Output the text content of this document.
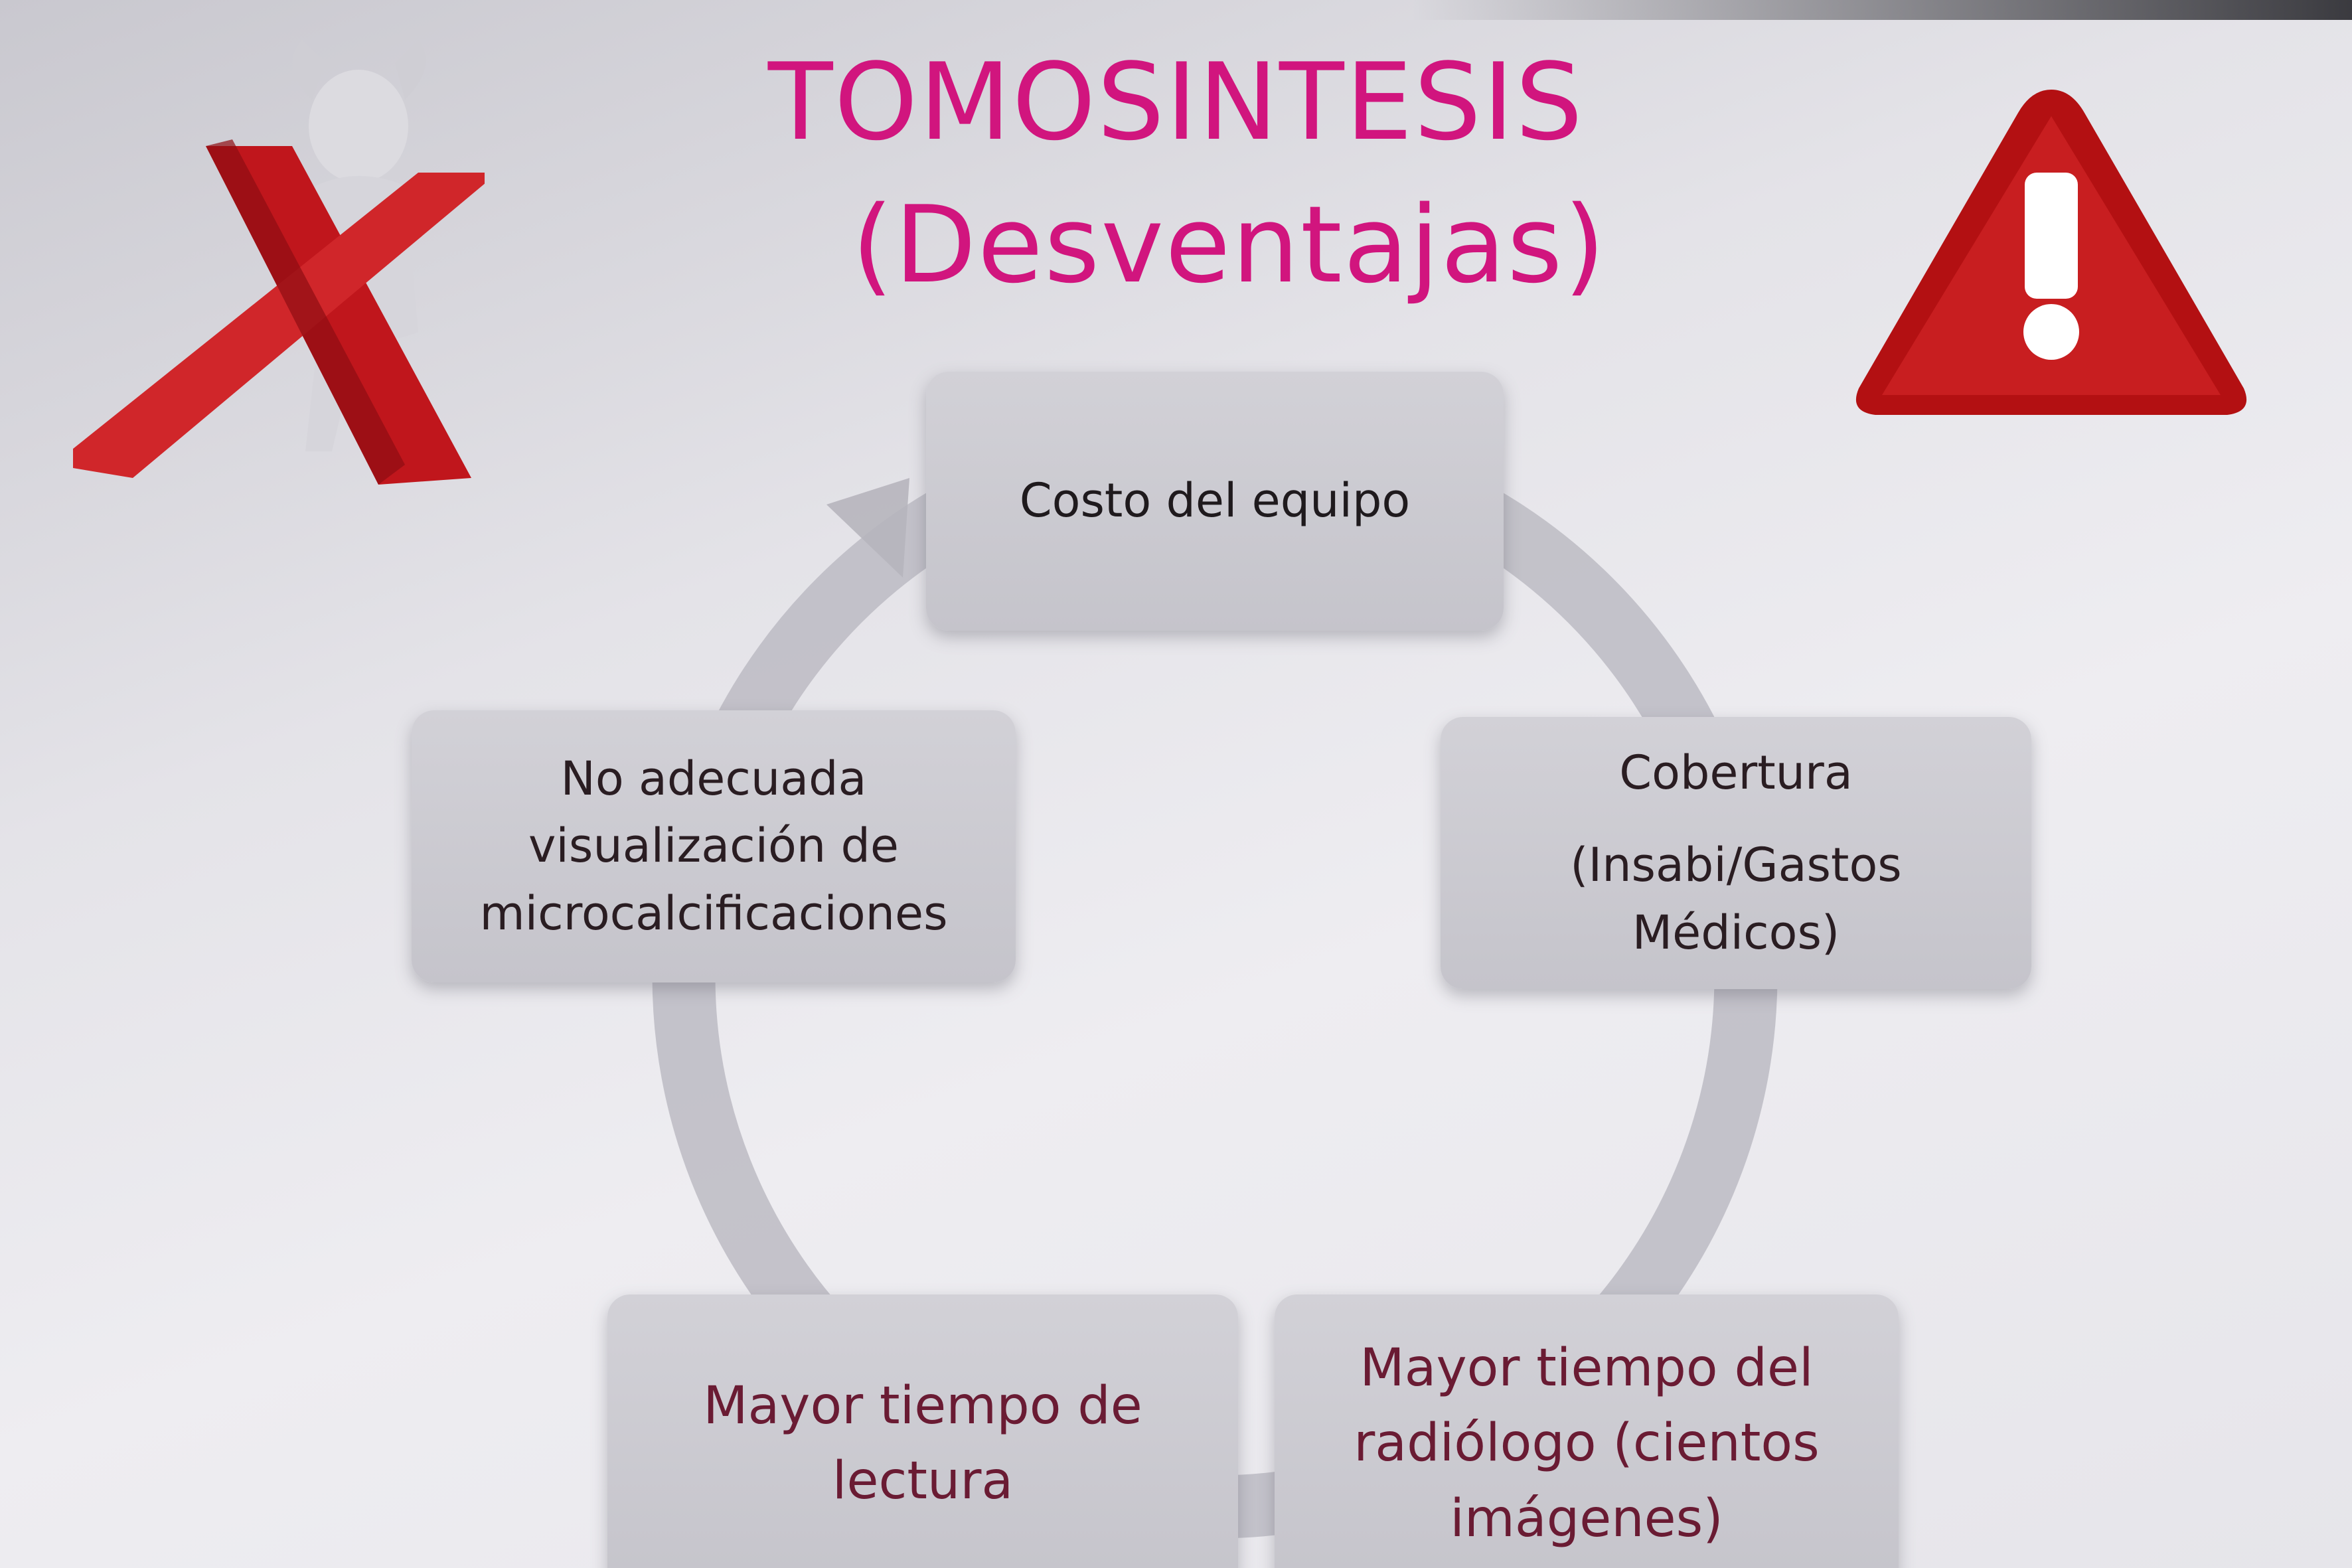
TOMOSINTESIS
(Desventajas)
Costo del equipo
No adecuada
visualización de
microcalcificaciones
Cobertura
(Insabi/Gastos
Médicos)
Mayor tiempo de
lectura
Mayor tiempo del
radiólogo (cientos
imágenes)
